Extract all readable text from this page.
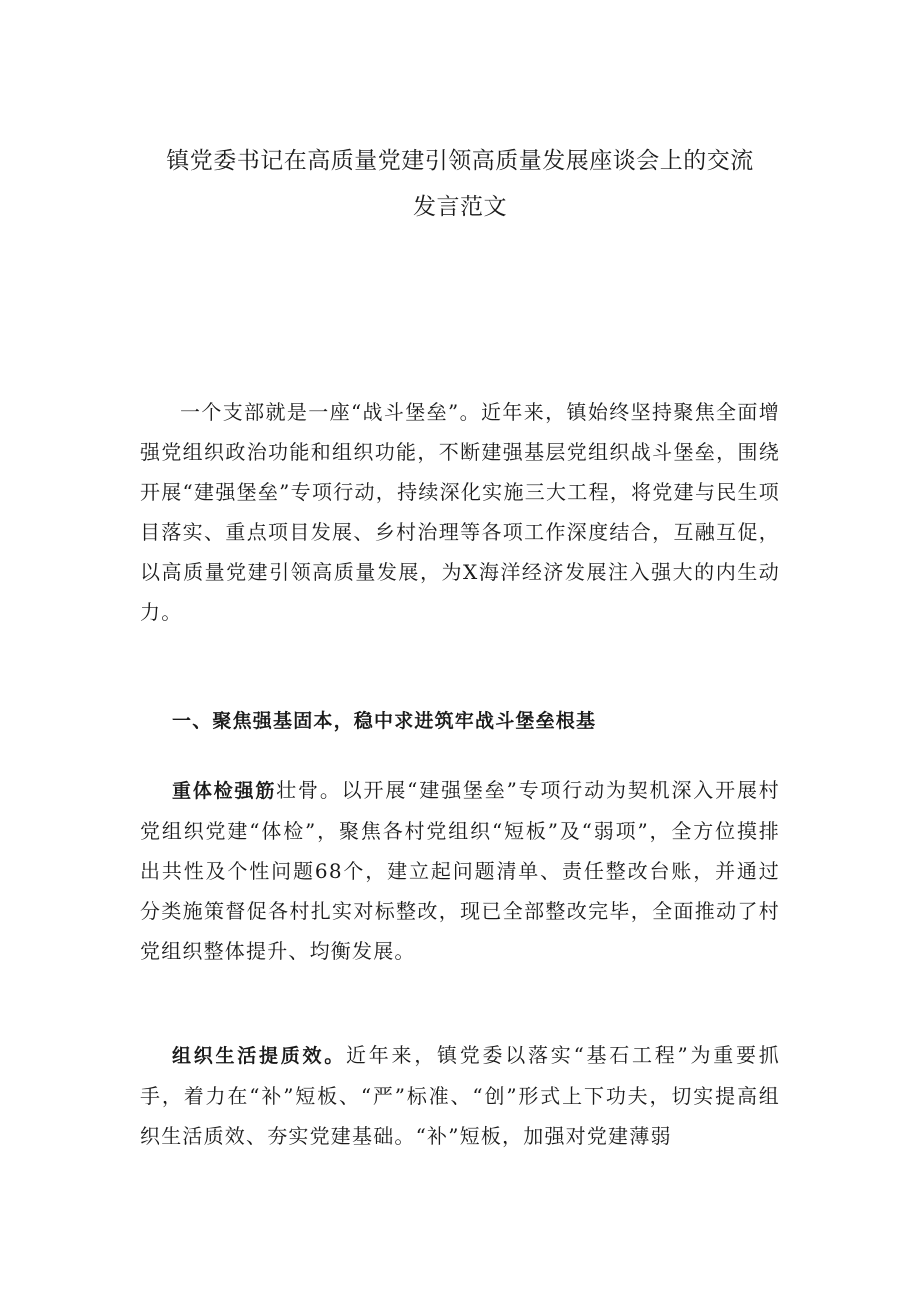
镇党委书记在高质量党建引领高质量发展座谈会上的交流
发言范文

一个支部就是一座“战斗堡垒”。近年来，镇始终坚持聚焦全面增强党组织政治功能和组织功能，不断建强基层党组织战斗堡垒，围绕开展“建强堡垒”专项行动，持续深化实施三大工程，将党建与民生项目落实、重点项目发展、乡村治理等各项工作深度结合，互融互促，以高质量党建引领高质量发展，为X海洋经济发展注入强大的内生动力。

一、聚焦强基固本，稳中求进筑牢战斗堡垒根基

重体检强筋壮骨。以开展“建强堡垒”专项行动为契机深入开展村党组织党建“体检”，聚焦各村党组织“短板”及“弱项”，全方位摸排出共性及个性问题68个，建立起问题清单、责任整改台账，并通过分类施策督促各村扎实对标整改，现已全部整改完毕，全面推动了村党组织整体提升、均衡发展。

组织生活提质效。近年来，镇党委以落实“基石工程”为重要抓手，着力在“补”短板、“严”标准、“创”形式上下功夫，切实提高组织生活质效、夯实党建基础。“补”短板，加强对党建薄弱
